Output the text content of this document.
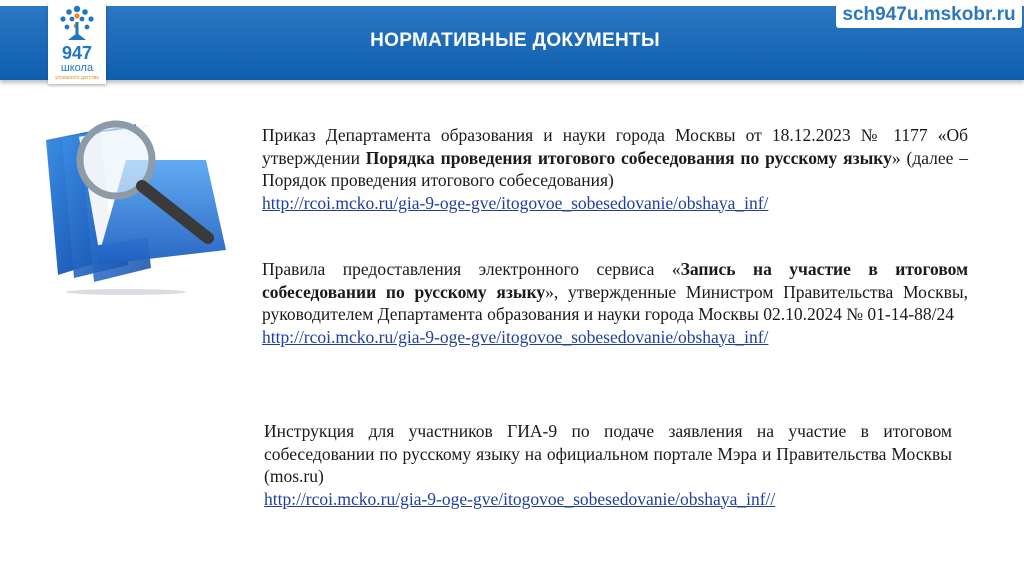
947
школа
успешного детства
НОРМАТИВНЫЕ ДОКУМЕНТЫ
sch947u.mskobr.ru
Приказ Департамента образования и науки города Москвы от 18.12.2023 № 1177 «Об утверждении Порядка проведения итогового собеседования по русскому языку» (далее – Порядок проведения итогового собеседования)
http://rcoi.mcko.ru/gia-9-oge-gve/itogovoe_sobesedovanie/obshaya_inf/
Правила предоставления электронного сервиса «Запись на участие в итоговом собеседовании по русскому языку», утвержденные Министром Правительства Москвы, руководителем Департамента образования и науки города Москвы 02.10.2024 № 01-14-88/24
http://rcoi.mcko.ru/gia-9-oge-gve/itogovoe_sobesedovanie/obshaya_inf/
Инструкция для участников ГИА-9 по подаче заявления на участие в итоговом собеседовании по русскому языку на официальном портале Мэра и Правительства Москвы (mos.ru)
http://rcoi.mcko.ru/gia-9-oge-gve/itogovoe_sobesedovanie/obshaya_inf//
